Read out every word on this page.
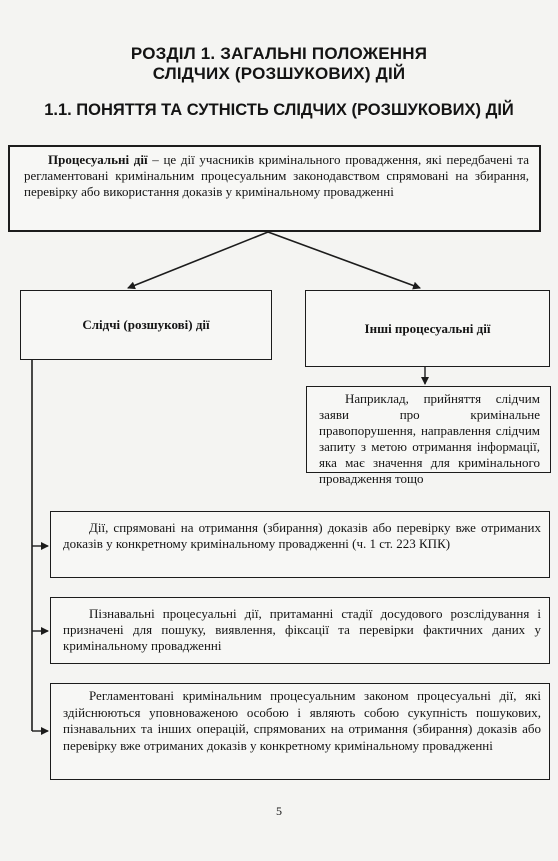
РОЗДІЛ 1. ЗАГАЛЬНІ ПОЛОЖЕННЯ
СЛІДЧИХ (РОЗШУКОВИХ) ДІЙ
1.1. ПОНЯТТЯ ТА СУТНІСТЬ СЛІДЧИХ (РОЗШУКОВИХ) ДІЙ
Процесуальні дії – це дії учасників кримінального провадження, які передбачені та регламентовані кримінальним процесуальним законодавством спрямовані на збирання, перевірку або використання доказів у кримінальному провадженні
Слідчі (розшукові) дії	Інші процесуальні дії
Наприклад, прийняття слідчим заяви про кримінальне правопорушення, направлення слідчим запиту з метою отримання інформації, яка має значення для кримінального провадження тощо
Дії, спрямовані на отримання (збирання) доказів або перевірку вже отриманих доказів у конкретному кримінальному провадженні (ч. 1 ст. 223 КПК)
Пізнавальні процесуальні дії, притаманні стадії досудового розслідування і призначені для пошуку, виявлення, фіксації та перевірки фактичних даних у кримінальному провадженні
Регламентовані кримінальним процесуальним законом процесуальні дії, які здійснюються уповноваженою особою і являють собою сукупність пошукових, пізнавальних та інших операцій, спрямованих на отримання (збирання) доказів або перевірку вже отриманих доказів у конкретному кримінальному провадженні
5
